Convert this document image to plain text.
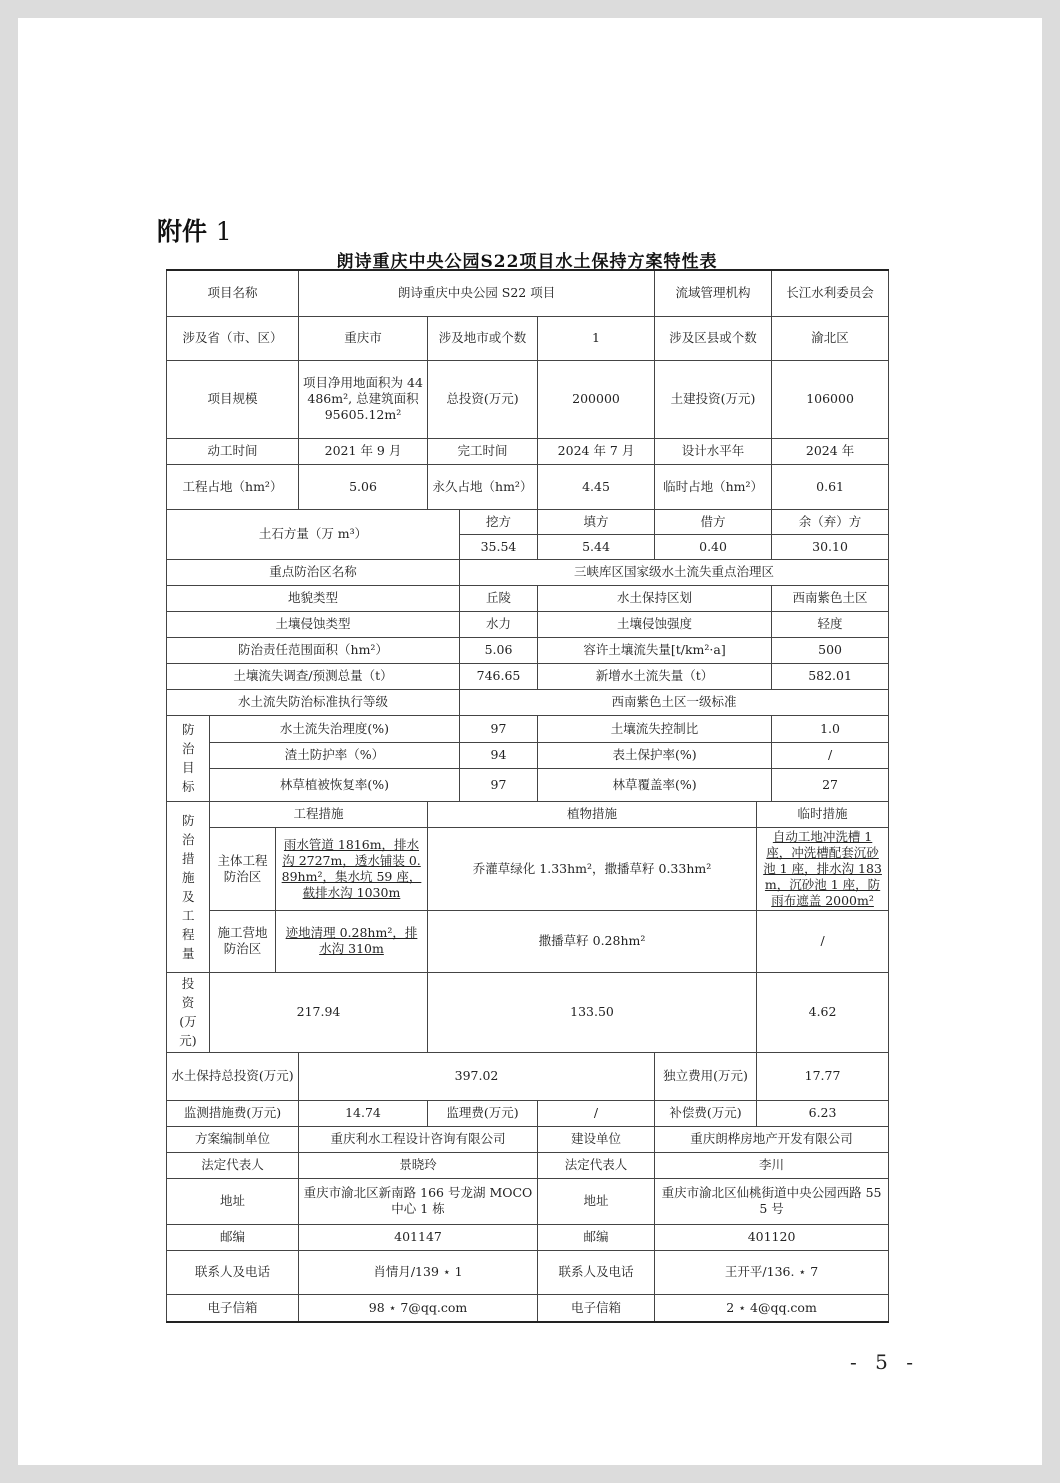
附件 1
朗诗重庆中央公园S22项目水土保持方案特性表
项目名称			朗诗重庆中央公园 S22 项目				流域管理机构		长江水利委员会
涉及省（市、区）			重庆市	涉及地市或个数		1	涉及区县或个数		渝北区
项目规模			项目净用地面积为 44486m², 总建筑面积 95605.12m²	总投资(万元)		200000	土建投资(万元)		106000
动工时间			2021 年 9 月	完工时间		2024 年 7 月	设计水平年		2024 年
工程占地（hm²）			5.06	永久占地（hm²）		4.45	临时占地（hm²）		0.61
土石方量（万 m³）					挖方	填方	借方		余（弃）方
					35.54	5.44	0.40		30.10
重点防治区名称					三峡库区国家级水土流失重点治理区				
地貌类型					丘陵	水土保持区划			西南紫色土区
土壤侵蚀类型					水力	土壤侵蚀强度			轻度
防治责任范围面积（hm²）					5.06	容许土壤流失量[t/km²·a]			500
土壤流失调查/预测总量（t）					746.65	新增水土流失量（t）			582.01
水土流失防治标准执行等级					西南紫色土区一级标准				

防治目标	水土流失治理度(%)				97	土壤流失控制比			1.0
	渣土防护率（%）				94	表土保护率(%)			/
	林草植被恢复率(%)				97	林草覆盖率(%)			27

防治措施及工程量	工程措施			植物措施				临时措施	
	主体工程防治区	雨水管道 1816m，排水沟 2727m，透水铺装 0.89hm²，集水坑 59 座，截排水沟 1030m		乔灌草绿化 1.33hm²，撒播草籽 0.33hm²				自动工地冲洗槽 1 座，冲洗槽配套沉砂池 1 座，排水沟 183m，沉砂池 1 座，防雨布遮盖 2000m²	
	施工营地防治区	迹地清理 0.28hm²，排水沟 310m		撒播草籽 0.28hm²				/	

投资(万元)	217.94			133.50				4.62	
水土保持总投资(万元)			397.02				独立费用(万元)	17.77	
监测措施费(万元)			14.74	监理费(万元)		/	补偿费(万元)	6.23	
方案编制单位			重庆利水工程设计咨询有限公司			建设单位	重庆朗桦房地产开发有限公司		
法定代表人			景晓玲			法定代表人	李川		
地址			重庆市渝北区新南路 166 号龙湖 MOCO 中心 1 栋			地址	重庆市渝北区仙桃街道中央公园西路 555 号		
邮编			401147			邮编	401120		
联系人及电话			肖情月/139 ⋆ 1			联系人及电话	王开平/136. ⋆ 7		
电子信箱			98 ⋆ 7@qq.com			电子信箱	2 ⋆ 4@qq.com		
- 5 -
